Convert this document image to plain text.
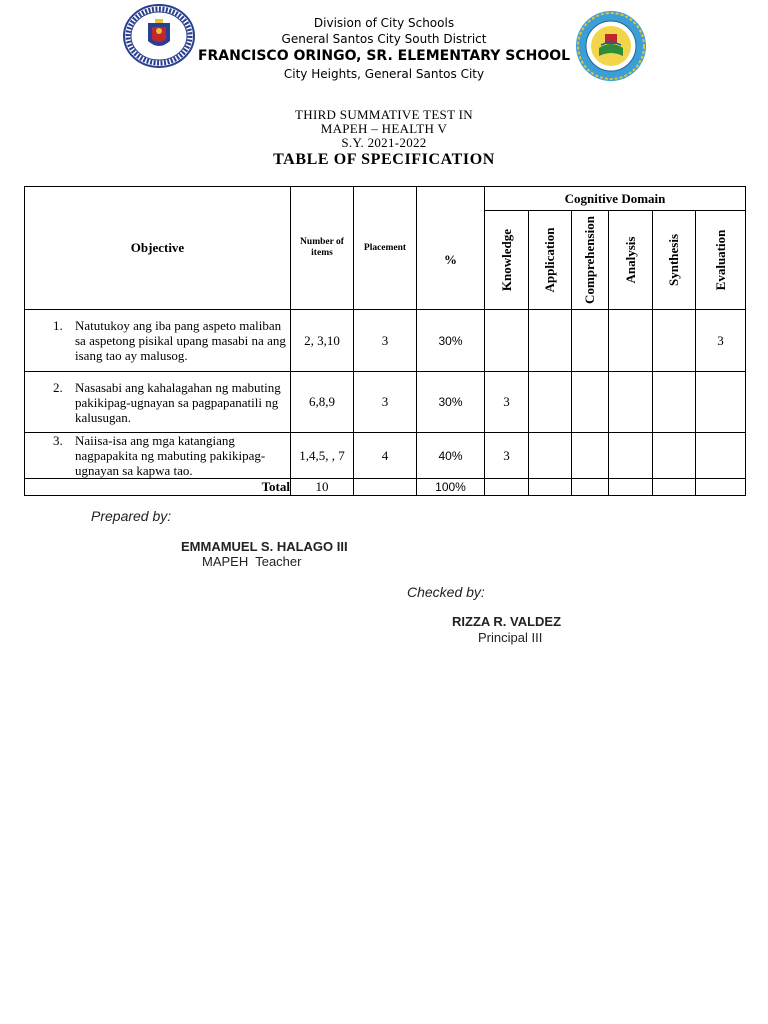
Division of City Schools
General Santos City South District
FRANCISCO ORINGO, SR. ELEMENTARY SCHOOL
City Heights, General Santos City
THIRD SUMMATIVE TEST IN
MAPEH – HEALTH V
S.Y. 2021-2022
TABLE OF SPECIFICATION
Objective	Number of items	Placement		Cognitive Domain					
			%	Knowledge	Application	Comprehension	Analysis	Synthesis	Evaluation

1. Natutukoy ang iba pang aspeto maliban sa aspetong pisikal upang masabi na ang isang tao ay malusog.	2, 3,10	3	30%						3

2. Nasasabi ang kahalagahan ng mabuting pakikipag-ugnayan sa pagpapanatili ng kalusugan.	6,8,9	3	30%	3					

3. Naiisa-isa ang mga katangiang nagpapakita ng mabuting pakikipag-ugnayan sa kapwa tao.	1,4,5, , 7	4	40%	3					
Total	10		100%						
Prepared by:
EMMAMUEL S. HALAGO III
MAPEH  Teacher
Checked by:
RIZZA R. VALDEZ
Principal III
